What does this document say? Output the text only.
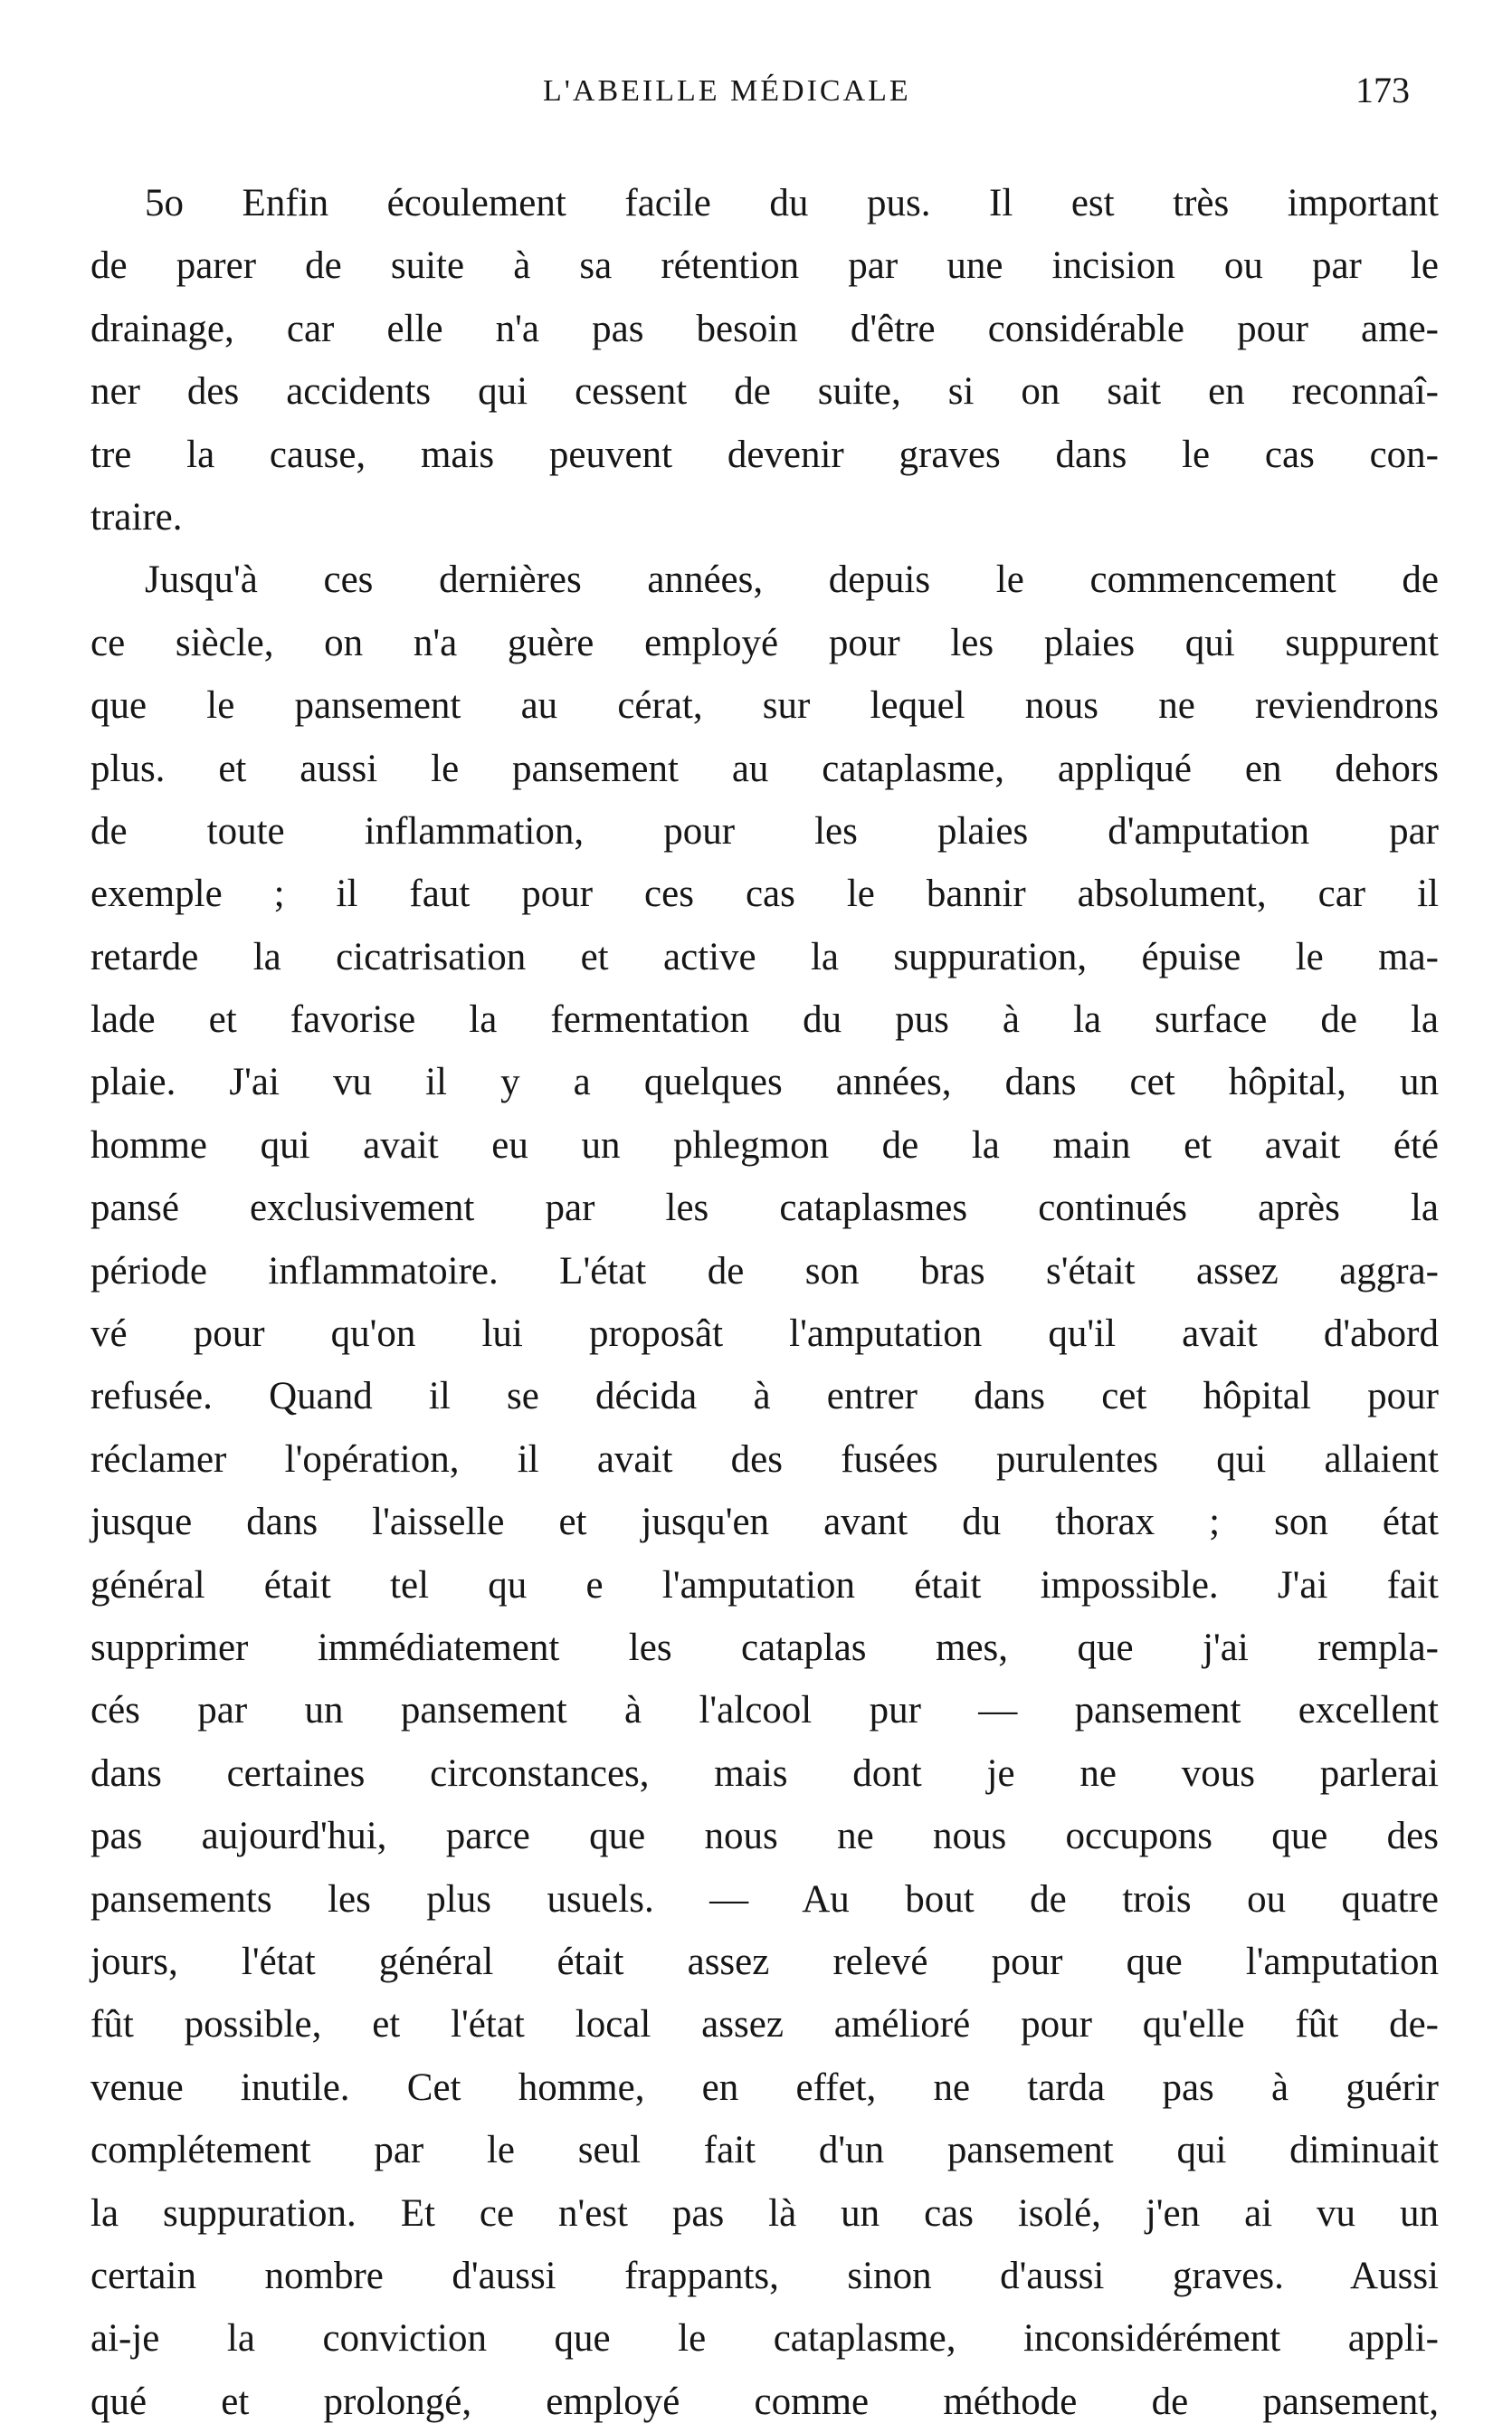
L'ABEILLE MÉDICALE	173
5o Enfin écoulement facile du pus. Il est très important
de parer de suite à sa rétention par une incision ou par le
drainage, car elle n'a pas besoin d'être considérable pour ame-
ner des accidents qui cessent de suite, si on sait en reconnaî-
tre la cause, mais peuvent devenir graves dans le cas con-
traire.
Jusqu'à ces dernières années, depuis le commencement de
ce siècle, on n'a guère employé pour les plaies qui suppurent
que le pansement au cérat, sur lequel nous ne reviendrons
plus. et aussi le pansement au cataplasme, appliqué en dehors
de toute inflammation, pour les plaies d'amputation par
exemple ; il faut pour ces cas le bannir absolument, car il
retarde la cicatrisation et active la suppuration, épuise le ma-
lade et favorise la fermentation du pus à la surface de la
plaie. J'ai vu il y a quelques années, dans cet hôpital, un
homme qui avait eu un phlegmon de la main et avait été
pansé exclusivement par les cataplasmes continués après la
période inflammatoire. L'état de son bras s'était assez aggra-
vé pour qu'on lui proposât l'amputation qu'il avait d'abord
refusée. Quand il se décida à entrer dans cet hôpital pour
réclamer l'opération, il avait des fusées purulentes qui allaient
jusque dans l'aisselle et jusqu'en avant du thorax ; son état
général était tel qu e l'amputation était impossible. J'ai fait
supprimer immédiatement les cataplas mes, que j'ai rempla-
cés par un pansement à l'alcool pur — pansement excellent
dans certaines circonstances, mais dont je ne vous parlerai
pas aujourd'hui, parce que nous ne nous occupons que des
pansements les plus usuels. — Au bout de trois ou quatre
jours, l'état général était assez relevé pour que l'amputation
fût possible, et l'état local assez amélioré pour qu'elle fût de-
venue inutile. Cet homme, en effet, ne tarda pas à guérir
complétement par le seul fait d'un pansement qui diminuait
la suppuration. Et ce n'est pas là un cas isolé, j'en ai vu un
certain nombre d'aussi frappants, sinon d'aussi graves. Aussi
ai-je la conviction que le cataplasme, inconsidérément appli-
qué et prolongé, employé comme méthode de pansement,
